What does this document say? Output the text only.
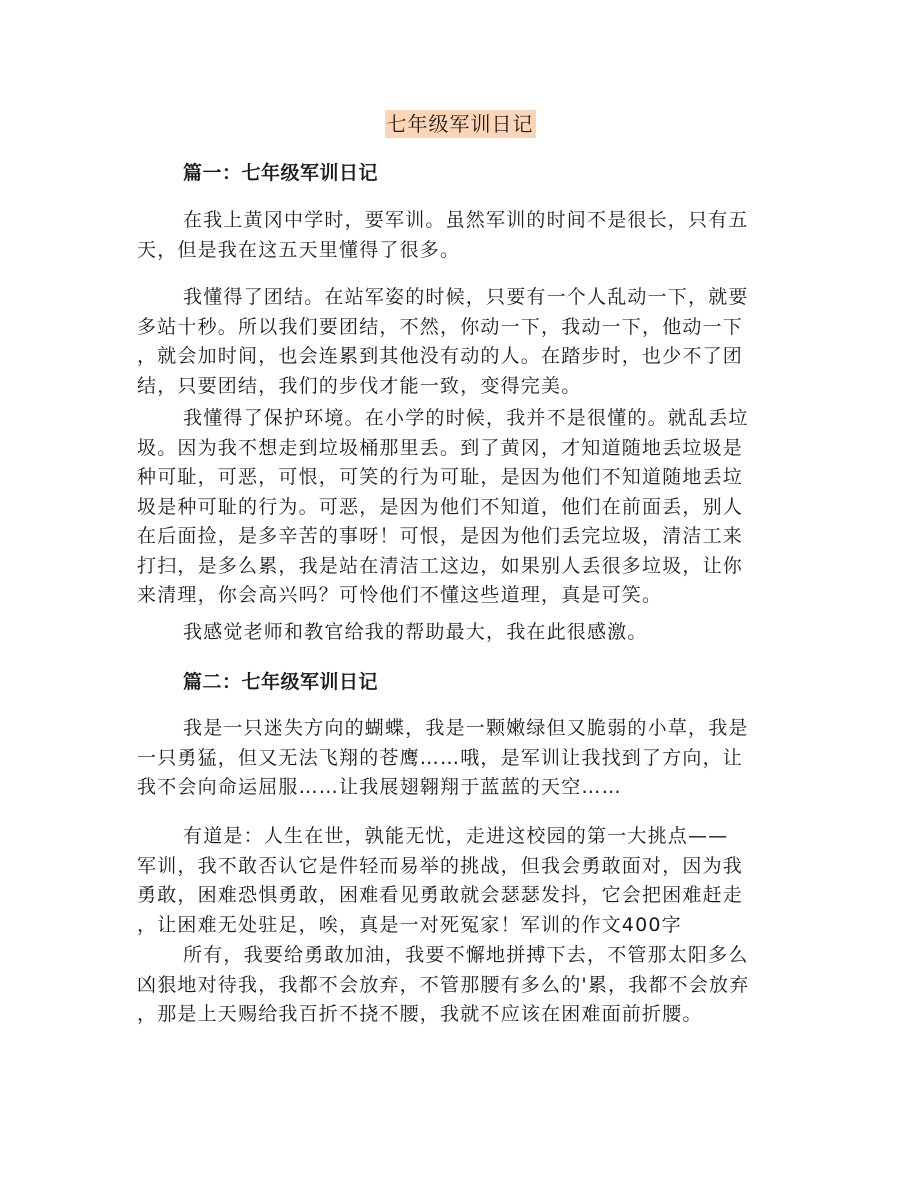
七年级军训日记
篇一：七年级军训日记
在我上黄冈中学时，要军训。虽然军训的时间不是很长，只有五
天，但是我在这五天里懂得了很多。
我懂得了团结。在站军姿的时候，只要有一个人乱动一下，就要
多站十秒。所以我们要团结，不然，你动一下，我动一下，他动一下
，就会加时间，也会连累到其他没有动的人。在踏步时，也少不了团
结，只要团结，我们的步伐才能一致，变得完美。
我懂得了保护环境。在小学的时候，我并不是很懂的。就乱丢垃
圾。因为我不想走到垃圾桶那里丢。到了黄冈，才知道随地丢垃圾是
种可耻，可恶，可恨，可笑的行为可耻，是因为他们不知道随地丢垃
圾是种可耻的行为。可恶，是因为他们不知道，他们在前面丢，别人
在后面捡，是多辛苦的事呀！可恨，是因为他们丢完垃圾，清洁工来
打扫，是多么累，我是站在清洁工这边，如果别人丢很多垃圾，让你
来清理，你会高兴吗？可怜他们不懂这些道理，真是可笑。
我感觉老师和教官给我的帮助最大，我在此很感激。
篇二：七年级军训日记
我是一只迷失方向的蝴蝶，我是一颗嫩绿但又脆弱的小草，我是
一只勇猛，但又无法飞翔的苍鹰……哦，是军训让我找到了方向，让
我不会向命运屈服……让我展翅翱翔于蓝蓝的天空……
有道是：人生在世，孰能无忧，走进这校园的第一大挑点——
军训，我不敢否认它是件轻而易举的挑战，但我会勇敢面对，因为我
勇敢，困难恐惧勇敢，困难看见勇敢就会瑟瑟发抖，它会把困难赶走
，让困难无处驻足，唉，真是一对死冤家！军训的作文400字
所有，我要给勇敢加油，我要不懈地拼搏下去，不管那太阳多么
凶狠地对待我，我都不会放弃，不管那腰有多么的'累，我都不会放弃
，那是上天赐给我百折不挠不腰，我就不应该在困难面前折腰。
